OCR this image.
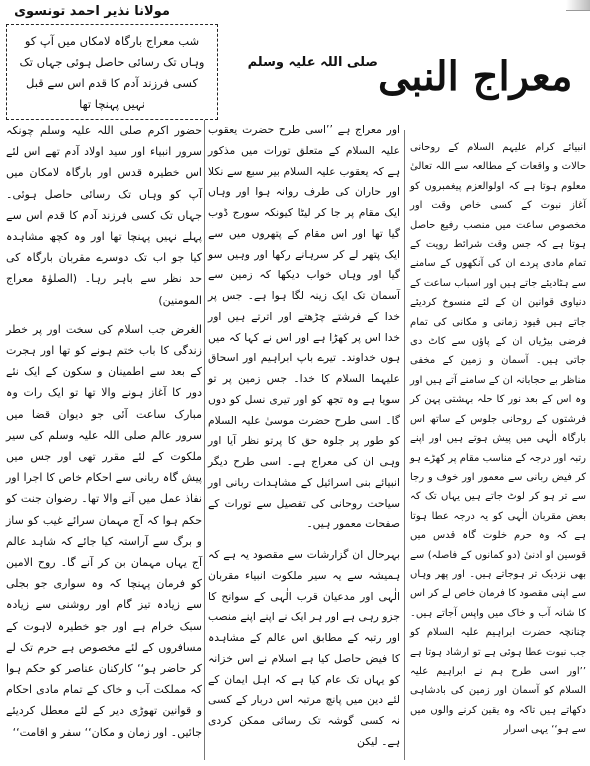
مولانا نذیر احمد تونسوی
شب معراج بارگاہ لامکاں میں آپ کو وہاں تک رسائی حاصل ہوئی جہاں تک کسی فرزند آدم کا قدم اس سے قبل نہیں پہنچا تھا
معراج النبی
صلی اللہ علیہ وسلم

انبیائے کرام علیہم السلام کے روحانی حالات و واقعات کے مطالعہ سے اللہ تعالیٰ معلوم ہوتا ہے کہ اولوالعزم پیغمبروں کو آغاز نبوت کے کسی خاص وقت اور مخصوص ساعت میں منصب رفیع حاصل ہوتا ہے کہ جس وقت شرائط رویت کے تمام مادی پردے ان کی آنکھوں کے سامنے سے ہٹادیئے جاتے ہیں اور اسباب ساعت کے دنیاوی قوانین ان کے لئے منسوخ کردیئے جاتے ہیں قیود زمانی و مکانی کی تمام فرضی بیڑیاں ان کے پاؤں سے کاٹ دی جاتی ہیں۔ آسمان و زمین کے مخفی مناظر بے حجابانہ ان کے سامنے آتے ہیں اور وہ اس کے بعد نور کا حلہ بہشتی پہن کر فرشتوں کے روحانی جلوس کے ساتھ اس بارگاہ الٰہی میں پیش ہوتے ہیں اور اپنے رتبہ اور درجہ کے مناسب مقام پر کھڑے ہو کر فیض ربانی سے معمور اور خوف و رجا سے تر ہو کر لوٹ جاتے ہیں یہاں تک کہ بعض مقربان الٰہی کو یہ درجہ عطا ہوتا ہے کہ وہ حرم خلوت گاہ قدس میں قوسین او ادنیٰ (دو کمانوں کے فاصلہ) سے بھی نزدیک تر ہوجاتے ہیں۔ اور پھر وہاں سے اپنی مقصود کا فرمان خاص لے کر اس کا شانہ آب و خاک میں واپس آجاتے ہیں۔ چنانچہ حضرت ابراہیم علیہ السلام کو جب نبوت عطا ہوئی ہے تو ارشاد ہوتا ہے ’’اور اسی طرح ہم نے ابراہیم علیہ السلام کو آسمان اور زمین کی بادشاہی دکھاتے ہیں تاکہ وہ یقین کرنے والوں میں سے ہو‘‘ یہی اسرار

اور معراج ہے ’’اسی طرح حضرت یعقوب علیہ السلام کے متعلق تورات میں مذکور ہے کہ یعقوب علیہ السلام بیر سبع سے نکلا اور حاران کی طرف روانہ ہوا اور وہاں ایک مقام پر جا کر لیٹا کیونکہ سورج ڈوب گیا تھا اور اس مقام کے پتھروں میں سے ایک پتھر لے کر سرہانے رکھا اور وہیں سو گیا اور وہاں خواب دیکھا کہ زمین سے آسمان تک ایک زینہ لگا ہوا ہے۔ جس پر خدا کے فرشتے چڑھتے اور اترتے ہیں اور خدا اس پر کھڑا ہے اور اس نے کہا کہ میں ہوں خداوند۔ تیرے باپ ابراہیم اور اسحاق علیہما السلام کا خدا۔ جس زمین پر تو سویا ہے وہ تجھ کو اور تیری نسل کو دوں گا۔ اسی طرح حضرت موسیٰ علیہ السلام کو طور پر جلوہ حق کا پرتو نظر آیا اور وہی ان کی معراج ہے۔ اسی طرح دیگر انبیائے بنی اسرائیل کے مشاہدات ربانی اور سیاحت روحانی کی تفصیل سے تورات کے صفحات معمور ہیں۔

بہرحال ان گزارشات سے مقصود یہ ہے کہ ہمیشہ سے یہ سیر ملکوت انبیاء مقربان الٰہی اور مدعیان قرب الٰہی کے سوانح کا جزو رہی ہے اور ہر ایک نے اپنے اپنے منصب اور رتبہ کے مطابق اس عالم کے مشاہدہ کا فیض حاصل کیا ہے اسلام نے اس خزانہ کو یہاں تک عام کیا ہے کہ اہل ایمان کے لئے دین میں پانچ مرتبہ اس دربار کے کسی نہ کسی گوشہ تک رسائی ممکن کردی ہے۔ لیکن

حضور اکرم صلی اللہ علیہ وسلم چونکہ سرور انبیاء اور سید اولاد آدم تھے اس لئے اس خطیرہ قدس اور بارگاہ لامکان میں آپ کو وہاں تک رسائی حاصل ہوئی۔ جہاں تک کسی فرزند آدم کا قدم اس سے پہلے نہیں پہنچا تھا اور وہ کچھ مشاہدہ کیا جو اب تک دوسرے مقربان بارگاہ کی حد نظر سے باہر رہا۔ (الصلوٰۃ معراج المومنین)

الغرض جب اسلام کی سخت اور پر خطر زندگی کا باب ختم ہونے کو تھا اور ہجرت کے بعد سے اطمینان و سکون کے ایک نئے دور کا آغاز ہونے والا تھا تو ایک رات وہ مبارک ساعت آئی جو دیوان قضا میں سرور عالم صلی اللہ علیہ وسلم کی سیر ملکوت کے لئے مقرر تھی اور جس میں پیش گاہ ربانی سے احکام خاص کا اجرا اور نفاذ عمل میں آنے والا تھا۔ رضوان جنت کو حکم ہوا کہ آج مہمان سرائے غیب کو ساز و برگ سے آراستہ کیا جائے کہ شاہد عالم آج یہاں مہمان بن کر آنے گا۔ روح الامین کو فرمان پہنچا کہ وہ سواری جو بجلی سے زیادہ تیز گام اور روشنی سے زیادہ سبک خرام ہے اور جو خطیرہ لاہوت کے مسافروں کے لئے مخصوص ہے حرم تک لے کر حاضر ہو‘‘ کارکنان عناصر کو حکم ہوا کہ مملکت آب و خاک کے تمام مادی احکام و قوانین تھوڑی دیر کے لئے معطل کردیئے جائیں۔ اور زمان و مکان‘‘ سفر و اقامت‘‘
